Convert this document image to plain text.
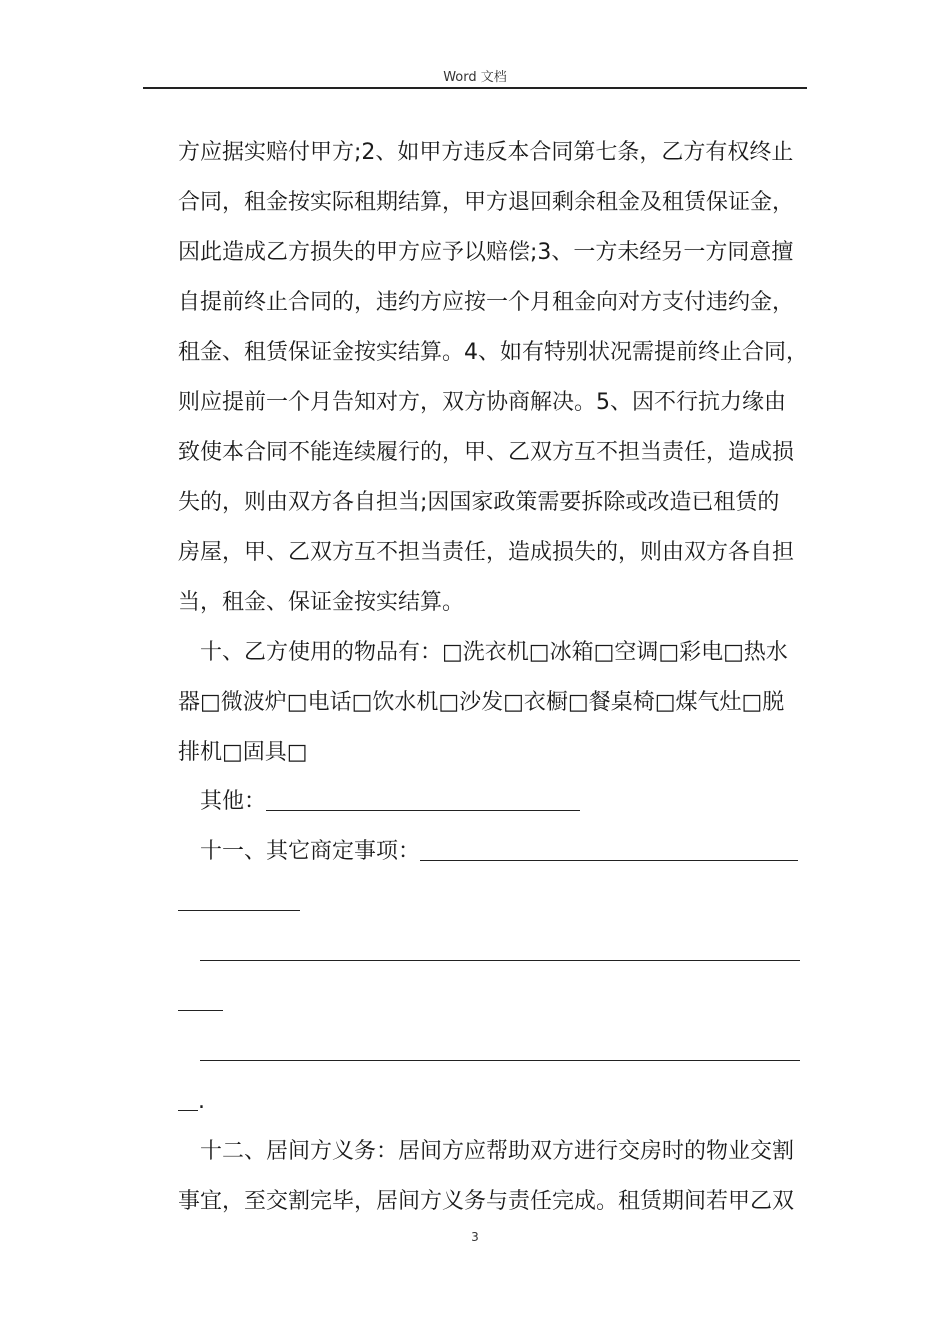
Word 文档
方应据实赔付甲方;2、如甲方违反本合同第七条，乙方有权终止
合同，租金按实际租期结算，甲方退回剩余租金及租赁保证金，
因此造成乙方损失的甲方应予以赔偿;3、一方未经另一方同意擅
自提前终止合同的，违约方应按一个月租金向对方支付违约金，
租金、租赁保证金按实结算。4、如有特别状况需提前终止合同，
则应提前一个月告知对方，双方协商解决。5、因不行抗力缘由
致使本合同不能连续履行的，甲、乙双方互不担当责任，造成损
失的，则由双方各自担当;因国家政策需要拆除或改造已租赁的
房屋，甲、乙双方互不担当责任，造成损失的，则由双方各自担
当，租金、保证金按实结算。
十、乙方使用的物品有：□洗衣机□冰箱□空调□彩电□热水
器□微波炉□电话□饮水机□沙发□衣橱□餐桌椅□煤气灶□脱
排机□固具□
其他：
十一、其它商定事项：
.
十二、居间方义务：居间方应帮助双方进行交房时的物业交割
事宜，至交割完毕，居间方义务与责任完成。租赁期间若甲乙双
3
